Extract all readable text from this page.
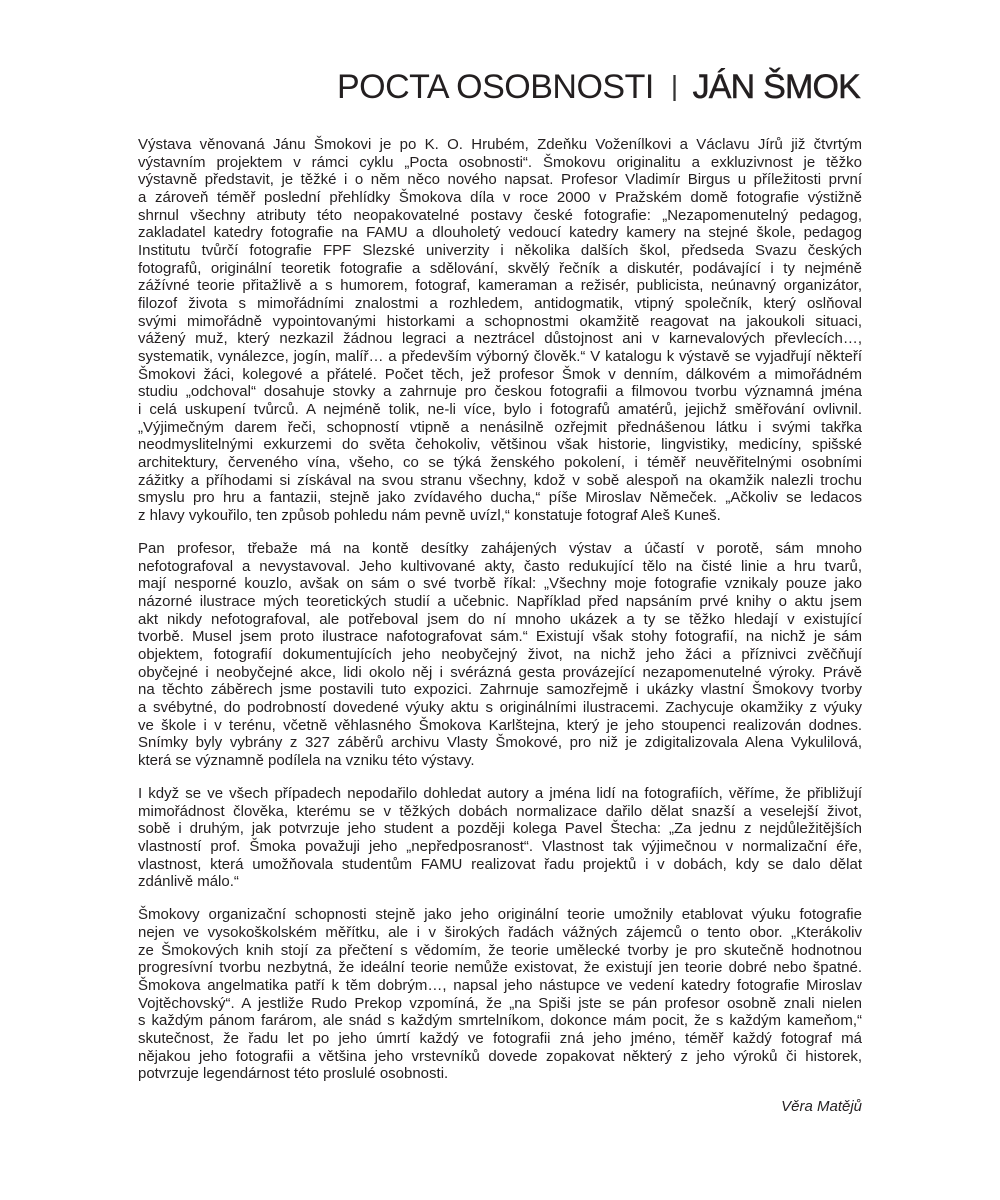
POCTA OSOBNOSTI | JÁN ŠMOK
Výstava věnovaná Jánu Šmokovi je po K. O. Hrubém, Zdeňku Voženílkovi a Václavu Jírů již čtvrtým
výstavním projektem v rámci cyklu „Pocta osobnosti“. Šmokovu originalitu a exkluzivnost je těžko
výstavně představit, je těžké i o něm něco nového napsat. Profesor Vladimír Birgus u příležitosti první
a zároveň téměř poslední přehlídky Šmokova díla v roce 2000 v Pražském domě fotografie výstižně
shrnul všechny atributy této neopakovatelné postavy české fotografie: „Nezapomenutelný pedagog,
zakladatel katedry fotografie na FAMU a dlouholetý vedoucí katedry kamery na stejné škole, pedagog
Institutu tvůrčí fotografie FPF Slezské univerzity i několika dalších škol, předseda Svazu českých
fotografů, originální teoretik fotografie a sdělování, skvělý řečník a diskutér, podávající i ty nejméně
zážívné teorie přitažlivě a s humorem, fotograf, kameraman a režisér, publicista, neúnavný organizátor,
filozof života s mimořádními znalostmi a rozhledem, antidogmatik, vtipný společník, který oslňoval
svými mimořádně vypointovanými historkami a schopnostmi okamžitě reagovat na jakoukoli situaci,
vážený muž, který nezkazil žádnou legraci a neztrácel důstojnost ani v karnevalových převlecích…,
systematik, vynálezce, jogín, malíř… a především výborný člověk.“ V katalogu k výstavě se vyjadřují někteří
Šmokovi žáci, kolegové a přátelé. Počet těch, jež profesor Šmok v denním, dálkovém a mimořádném
studiu „odchoval“ dosahuje stovky a zahrnuje pro českou fotografii a filmovou tvorbu významná jména
i celá uskupení tvůrců. A nejméně tolik, ne-li více, bylo i fotografů amatérů, jejichž směřování ovlivnil.
„Výjimečným darem řeči, schopností vtipně a nenásilně ozřejmit přednášenou látku i svými takřka
neodmyslitelnými exkurzemi do světa čehokoliv, většinou však historie, lingvistiky, medicíny, spišské
architektury, červeného vína, všeho, co se týká ženského pokolení, i téměř neuvěřitelnými osobními
zážitky a příhodami si získával na svou stranu všechny, kdož v sobě alespoň na okamžik nalezli trochu
smyslu pro hru a fantazii, stejně jako zvídavého ducha,“ píše Miroslav Němeček. „Ačkoliv se ledacos
z hlavy vykouřilo, ten způsob pohledu nám pevně uvízl,“ konstatuje fotograf Aleš Kuneš.
Pan profesor, třebaže má na kontě desítky zahájených výstav a účastí v porotě, sám mnoho
nefotografoval a nevystavoval. Jeho kultivované akty, často redukující tělo na čisté linie a hru tvarů,
mají nesporné kouzlo, avšak on sám o své tvorbě říkal: „Všechny moje fotografie vznikaly pouze jako
názorné ilustrace mých teoretických studií a učebnic. Například před napsáním prvé knihy o aktu jsem
akt nikdy nefotografoval, ale potřeboval jsem do ní mnoho ukázek a ty se těžko hledají v existující
tvorbě. Musel jsem proto ilustrace nafotografovat sám.“ Existují však stohy fotografií, na nichž je sám
objektem, fotografií dokumentujících jeho neobyčejný život, na nichž jeho žáci a příznivci zvěčňují
obyčejné i neobyčejné akce, lidi okolo něj i svérázná gesta provázející nezapomenutelné výroky. Právě
na těchto záběrech jsme postavili tuto expozici. Zahrnuje samozřejmě i ukázky vlastní Šmokovy tvorby
a svébytné, do podrobností dovedené výuky aktu s originálními ilustracemi. Zachycuje okamžiky z výuky
ve škole i v terénu, včetně věhlasného Šmokova Karlštejna, který je jeho stoupenci realizován dodnes.
Snímky byly vybrány z 327 záběrů archivu Vlasty Šmokové, pro niž je zdigitalizovala Alena Vykulilová,
která se významně podílela na vzniku této výstavy.
I když se ve všech případech nepodařilo dohledat autory a jména lidí na fotografiích, věříme, že přibližují
mimořádnost člověka, kterému se v těžkých dobách normalizace dařilo dělat snazší a veselejší život,
sobě i druhým, jak potvrzuje jeho student a později kolega Pavel Štecha: „Za jednu z nejdůležitějších
vlastností prof. Šmoka považuji jeho „nepředposranost“. Vlastnost tak výjimečnou v normalizační éře,
vlastnost, která umožňovala studentům FAMU realizovat řadu projektů i v dobách, kdy se dalo dělat
zdánlivě málo.“
Šmokovy organizační schopnosti stejně jako jeho originální teorie umožnily etablovat výuku fotografie
nejen ve vysokoškolském měřítku, ale i v širokých řadách vážných zájemců o tento obor. „Kterákoliv
ze Šmokových knih stojí za přečtení s vědomím, že teorie umělecké tvorby je pro skutečně hodnotnou
progresívní tvorbu nezbytná, že ideální teorie nemůže existovat, že existují jen teorie dobré nebo špatné.
Šmokova angelmatika patří k těm dobrým…, napsal jeho nástupce ve vedení katedry fotografie Miroslav
Vojtěchovský“. A jestliže Rudo Prekop vzpomíná, že „na Spiši jste se pán profesor osobně znali nielen
s každým pánom farárom, ale snád s každým smrtelníkom, dokonce mám pocit, že s každým kameňom,“
skutečnost, že řadu let po jeho úmrtí každý ve fotografii zná jeho jméno, téměř každý fotograf má
nějakou jeho fotografii a většina jeho vrstevníků dovede zopakovat některý z jeho výroků či historek,
potvrzuje legendárnost této proslulé osobnosti.
Věra Matějů
